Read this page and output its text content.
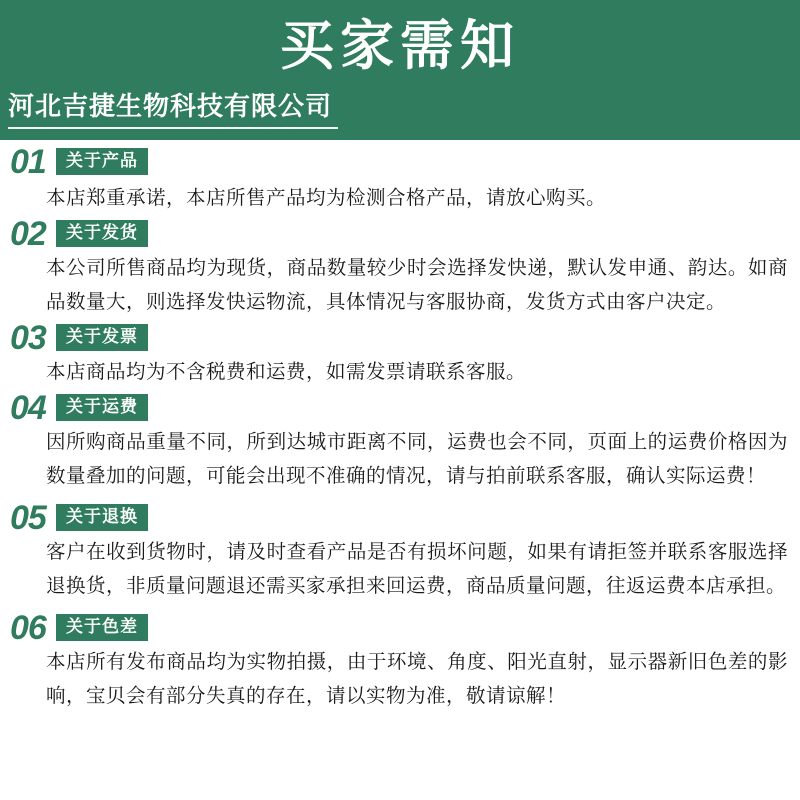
买家需知
河北吉捷生物科技有限公司
01	关于产品

本店郑重承诺，本店所售产品均为检测合格产品，请放心购买。

02	关于发货

本公司所售商品均为现货，商品数量较少时会选择发快递，默认发申通、韵达。如商品数量大，则选择发快运物流，具体情况与客服协商，发货方式由客户决定。

03	关于发票

本店商品均为不含税费和运费，如需发票请联系客服。

04	关于运费

因所购商品重量不同，所到达城市距离不同，运费也会不同，页面上的运费价格因为数量叠加的问题，可能会出现不准确的情况，请与拍前联系客服，确认实际运费！

05	关于退换

客户在收到货物时，请及时查看产品是否有损坏问题，如果有请拒签并联系客服选择退换货，非质量问题退还需买家承担来回运费，商品质量问题，往返运费本店承担。

06	关于色差

本店所有发布商品均为实物拍摄，由于环境、角度、阳光直射，显示器新旧色差的影响，宝贝会有部分失真的存在，请以实物为准，敬请谅解！
